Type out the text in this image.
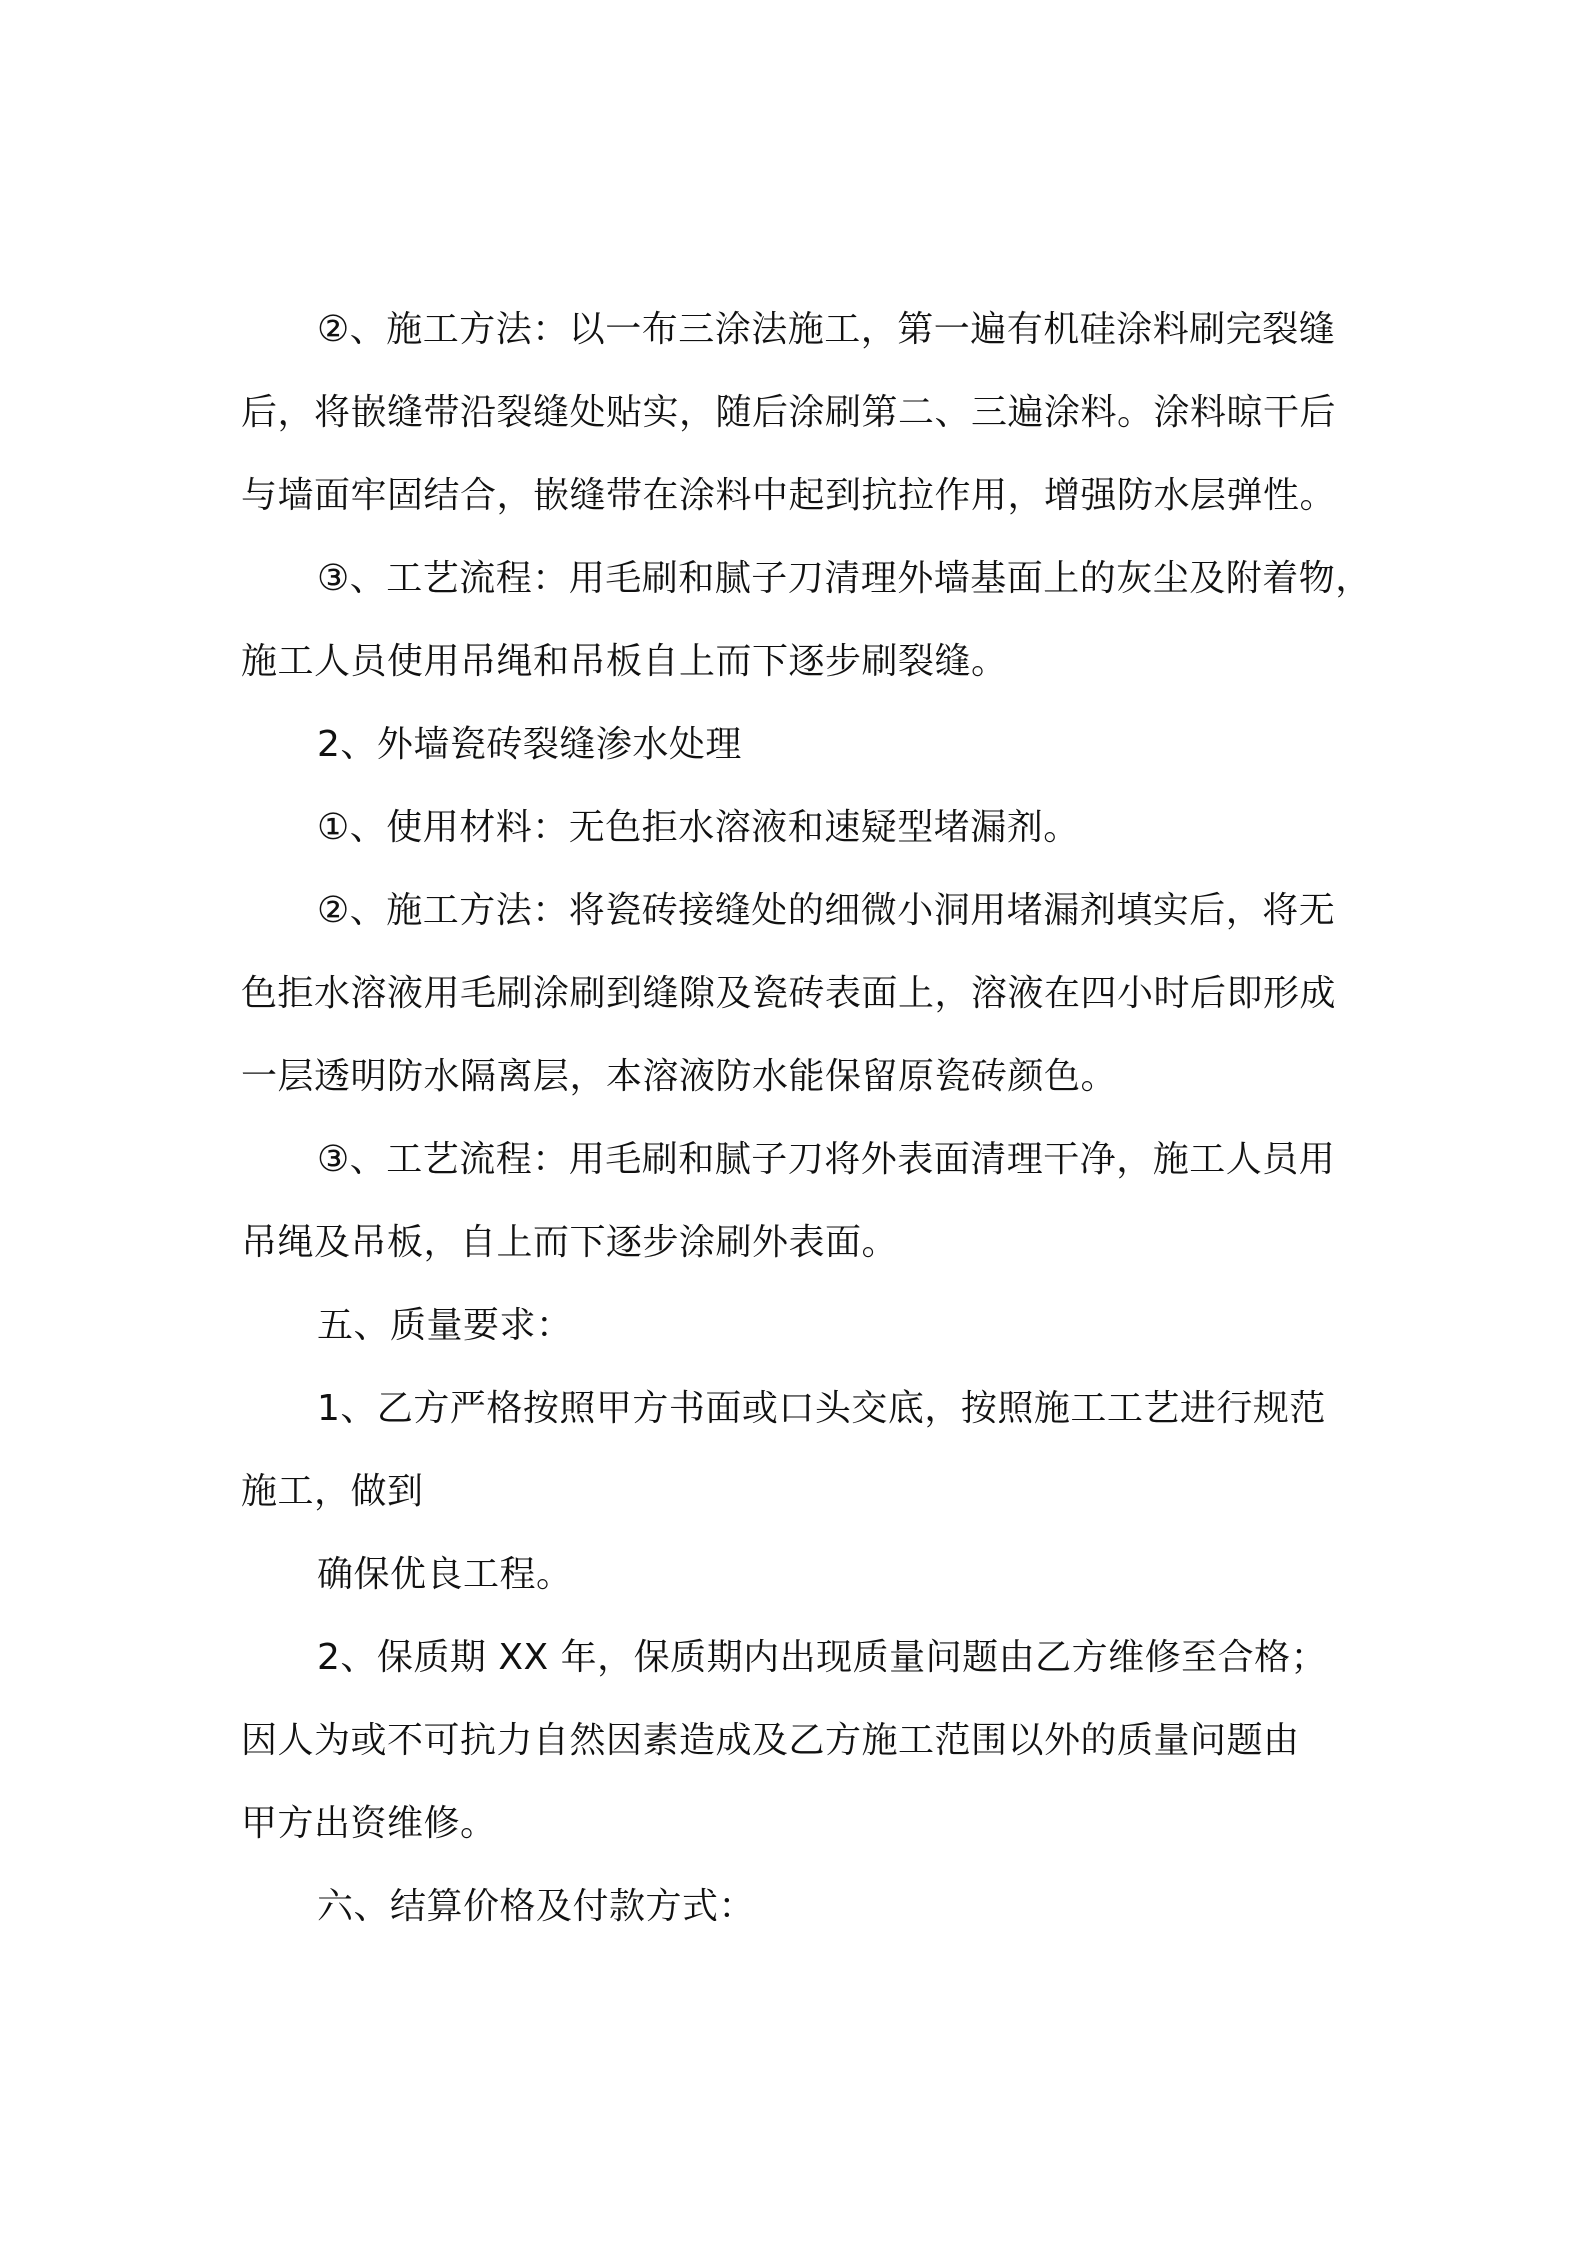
②、施工方法：以一布三涂法施工，第一遍有机硅涂料刷完裂缝
后，将嵌缝带沿裂缝处贴实，随后涂刷第二、三遍涂料。涂料晾干后
与墙面牢固结合，嵌缝带在涂料中起到抗拉作用，增强防水层弹性。
③、工艺流程：用毛刷和腻子刀清理外墙基面上的灰尘及附着物，
施工人员使用吊绳和吊板自上而下逐步刷裂缝。
2、外墙瓷砖裂缝渗水处理
①、使用材料：无色拒水溶液和速疑型堵漏剂。
②、施工方法：将瓷砖接缝处的细微小洞用堵漏剂填实后，将无
色拒水溶液用毛刷涂刷到缝隙及瓷砖表面上，溶液在四小时后即形成
一层透明防水隔离层，本溶液防水能保留原瓷砖颜色。
③、工艺流程：用毛刷和腻子刀将外表面清理干净，施工人员用
吊绳及吊板，自上而下逐步涂刷外表面。
五、质量要求：
1、乙方严格按照甲方书面或口头交底，按照施工工艺进行规范
施工，做到
确保优良工程。
2、保质期 XX 年，保质期内出现质量问题由乙方维修至合格；
因人为或不可抗力自然因素造成及乙方施工范围以外的质量问题由
甲方出资维修。
六、结算价格及付款方式：
